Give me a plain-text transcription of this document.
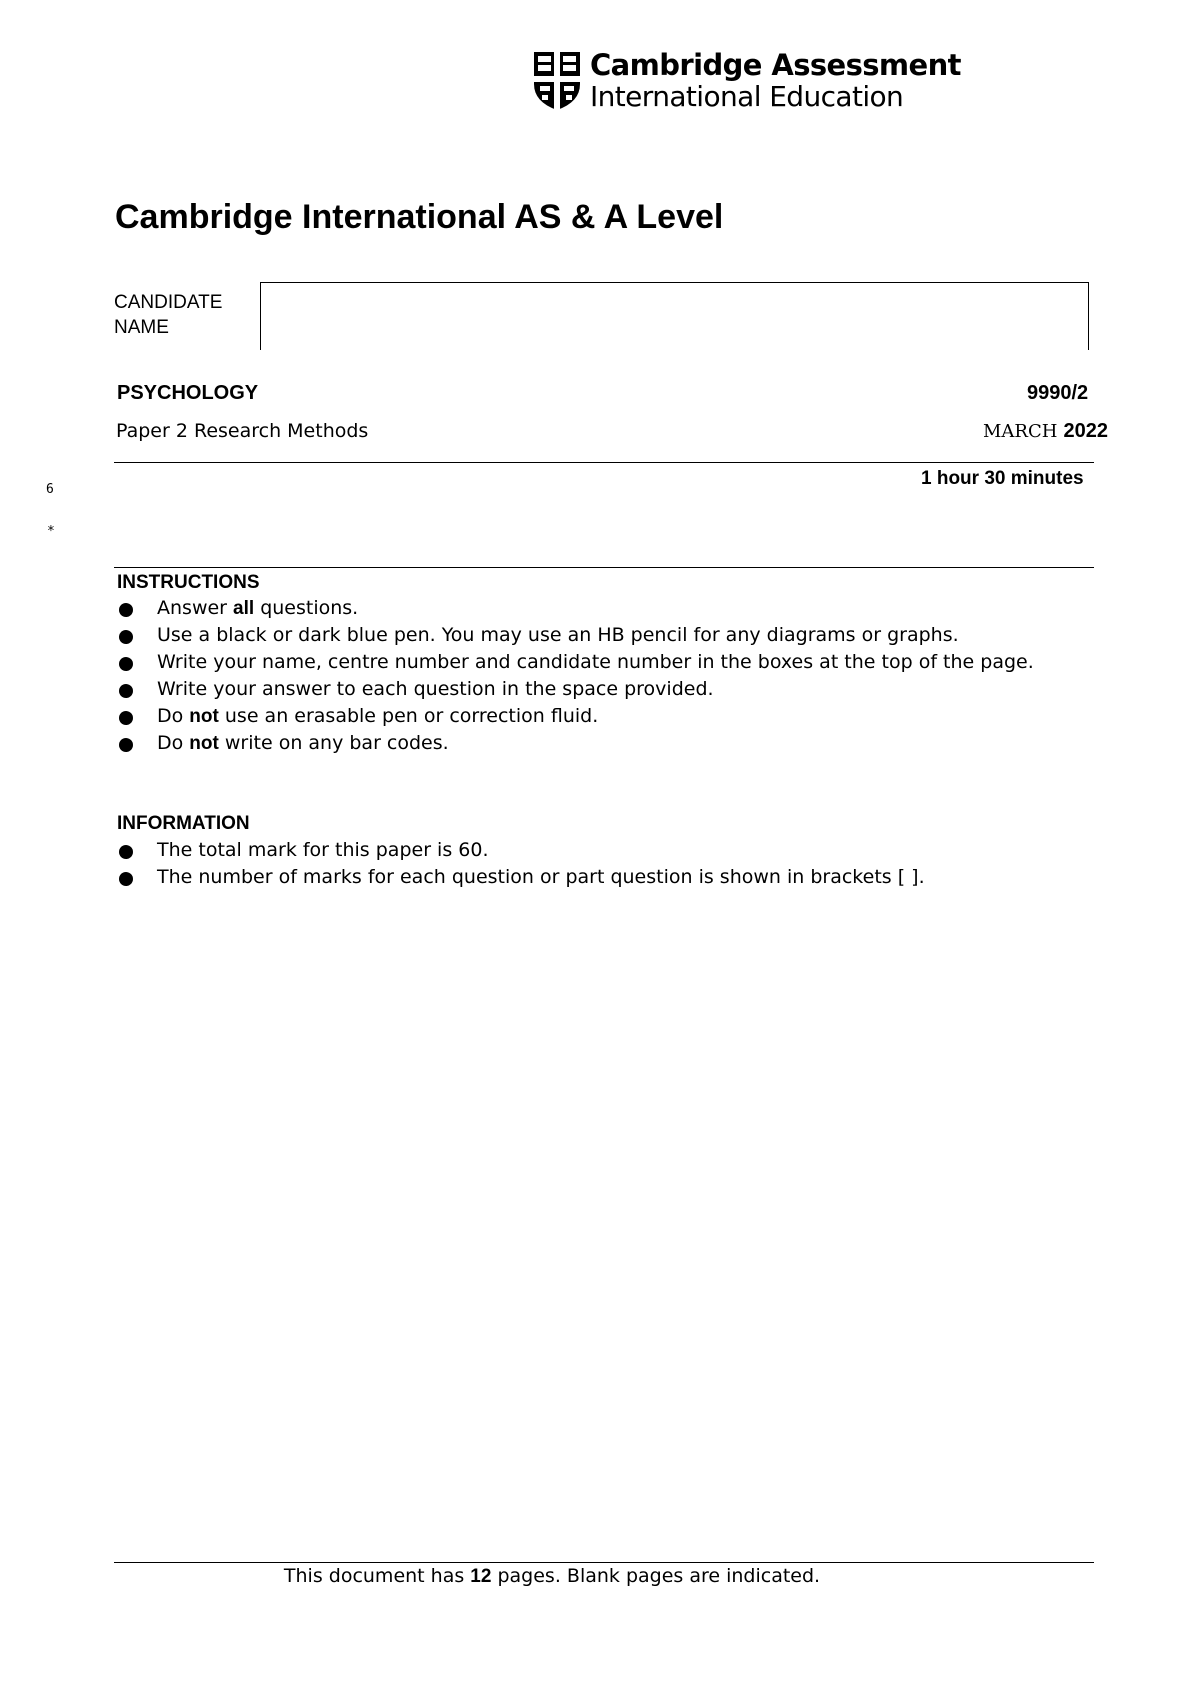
Cambridge Assessment
International Education
Cambridge International AS & A Level
CANDIDATE
NAME
PSYCHOLOGY	9990/2
Paper 2 Research Methods	MARCH 2022
1 hour 30 minutes
6
*
INSTRUCTIONS
Answer all questions.
Use a black or dark blue pen. You may use an HB pencil for any diagrams or graphs.
Write your name, centre number and candidate number in the boxes at the top of the page.
Write your answer to each question in the space provided.
Do not use an erasable pen or correction fluid.
Do not write on any bar codes.
INFORMATION
The total mark for this paper is 60.
The number of marks for each question or part question is shown in brackets [ ].
This document has 12 pages. Blank pages are indicated.
